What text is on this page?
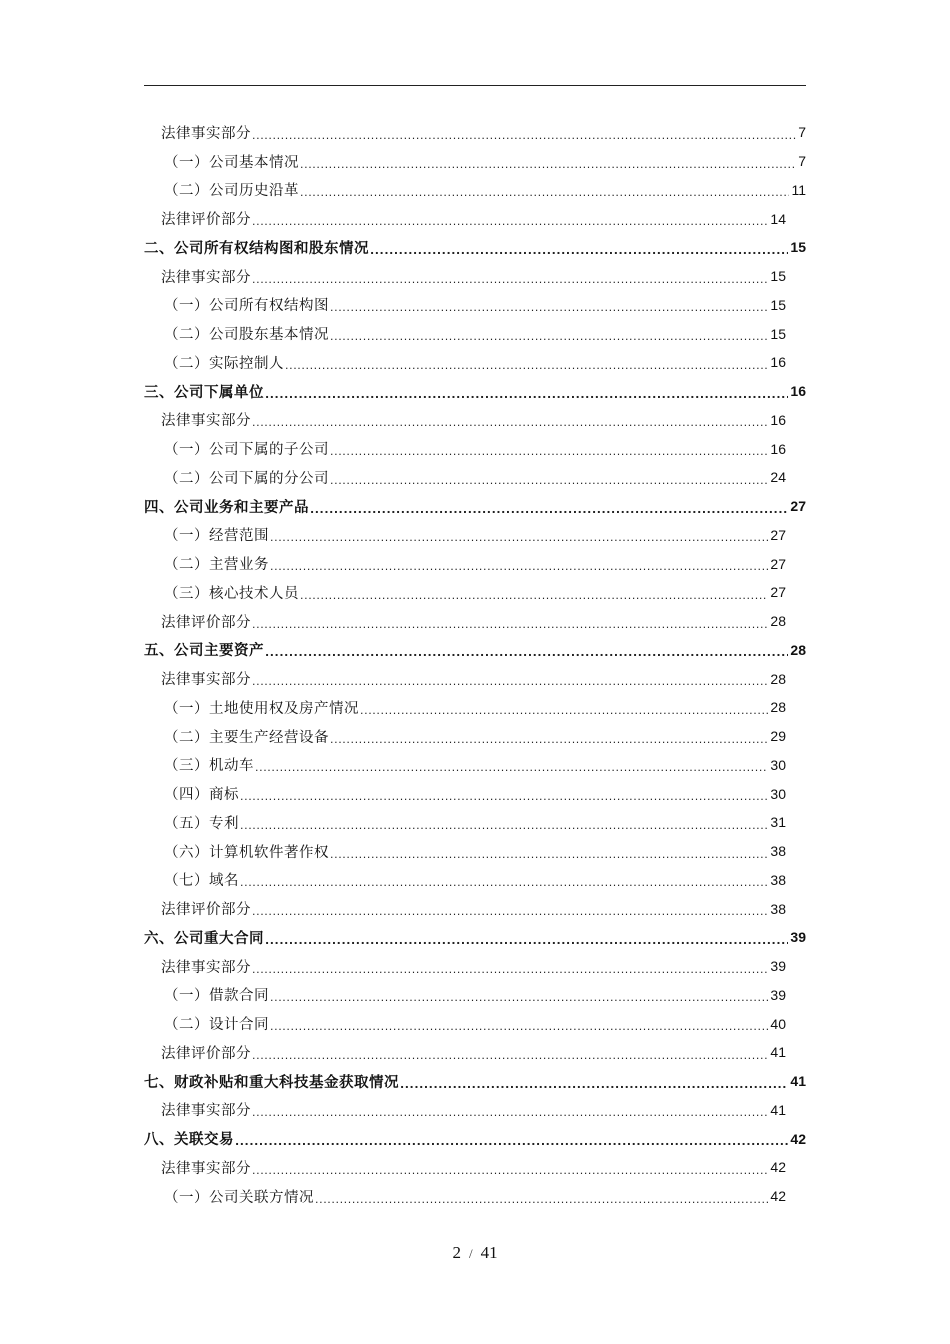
法律事实部分 .....	7
（一）公司基本情况 .....	7
（二）公司历史沿革 .....	11
法律评价部分 .....	14
二、公司所有权结构图和股东情况 .....	15
法律事实部分 .....	15
（一）公司所有权结构图 .....	15
（二）公司股东基本情况 .....	15
（二）实际控制人 .....	16
三、公司下属单位 .....	16
法律事实部分 .....	16
（一）公司下属的子公司 .....	16
（二）公司下属的分公司 .....	24
四、公司业务和主要产品 .....	27
（一）经营范围 .....	27
（二）主营业务 .....	27
（三）核心技术人员 .....	27
法律评价部分 .....	28
五、公司主要资产 .....	28
法律事实部分 .....	28
（一）土地使用权及房产情况 .....	28
（二）主要生产经营设备 .....	29
（三）机动车 .....	30
（四）商标 .....	30
（五）专利 .....	31
（六）计算机软件著作权 .....	38
（七）域名 .....	38
法律评价部分 .....	38
六、公司重大合同 .....	39
法律事实部分 .....	39
（一）借款合同 .....	39
（二）设计合同 .....	40
法律评价部分 .....	41
七、财政补贴和重大科技基金获取情况 .....	41
法律事实部分 .....	41
八、关联交易 .....	42
法律事实部分 .....	42
（一）公司关联方情况 .....	42
2 / 41
